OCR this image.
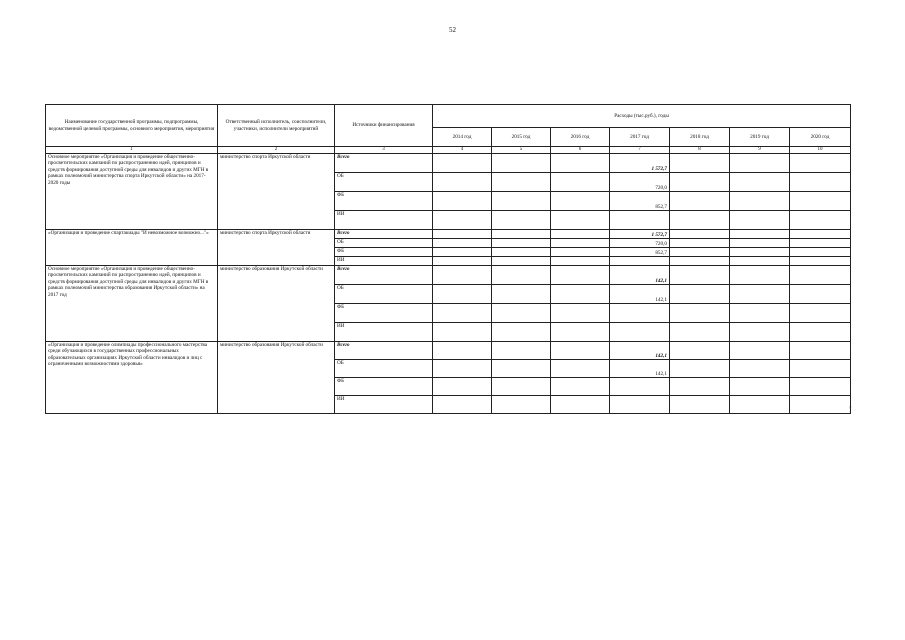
52
Наименование государственной программы, подпрограммы, ведомственной целевой программы, основного мероприятия, мероприятия	Ответственный исполнитель, соисполнители, участники, исполнители мероприятий	Источники финансирования	Расходы (тыс.руб.), годы						
			2014 год	2015 год	2016 год	2017 год	2018 год	2019 год	2020 год
1	2	3	4	5	6	7	8	9	10
Основное мероприятие «Организация и проведение общественно-просветительских кампаний по распространению идей, принципов и средств формирования доступной среды для инвалидов и других МГН в рамках полномочий министерства спорта Иркутской области» на 2017-2020 годы	министерство спорта Иркутской области	Всего				1 572,7			
		ОБ				720,0			
		ФБ				852,7			
		ИИ							
«Организация и проведение спартакиады "И невозможное возможно..."»	министерство спорта Иркутской области	Всего				1 572,7			
		ОБ				720,0			
		ФБ				852,7			
		ИИ							
Основное мероприятие «Организация и проведение общественно-просветительских кампаний по распространению идей, принципов и средств формирования доступной среды для инвалидов и других МГН в рамках полномочий министерства образования Иркутской области» на 2017 год	министерство образования Иркутской области	Всего				142,1			
		ОБ				142,1			
		ФБ							
		ИИ							
«Организация и проведение олимпиады профессионального мастерства среди обучающихся в государственных профессиональных образовательных организациях Иркутской области инвалидов и лиц с ограниченными возможностями здоровья»	министерство образования Иркутской области	Всего				142,1			
		ОБ				142,1			
		ФБ							
		ИИ							
; · ·
